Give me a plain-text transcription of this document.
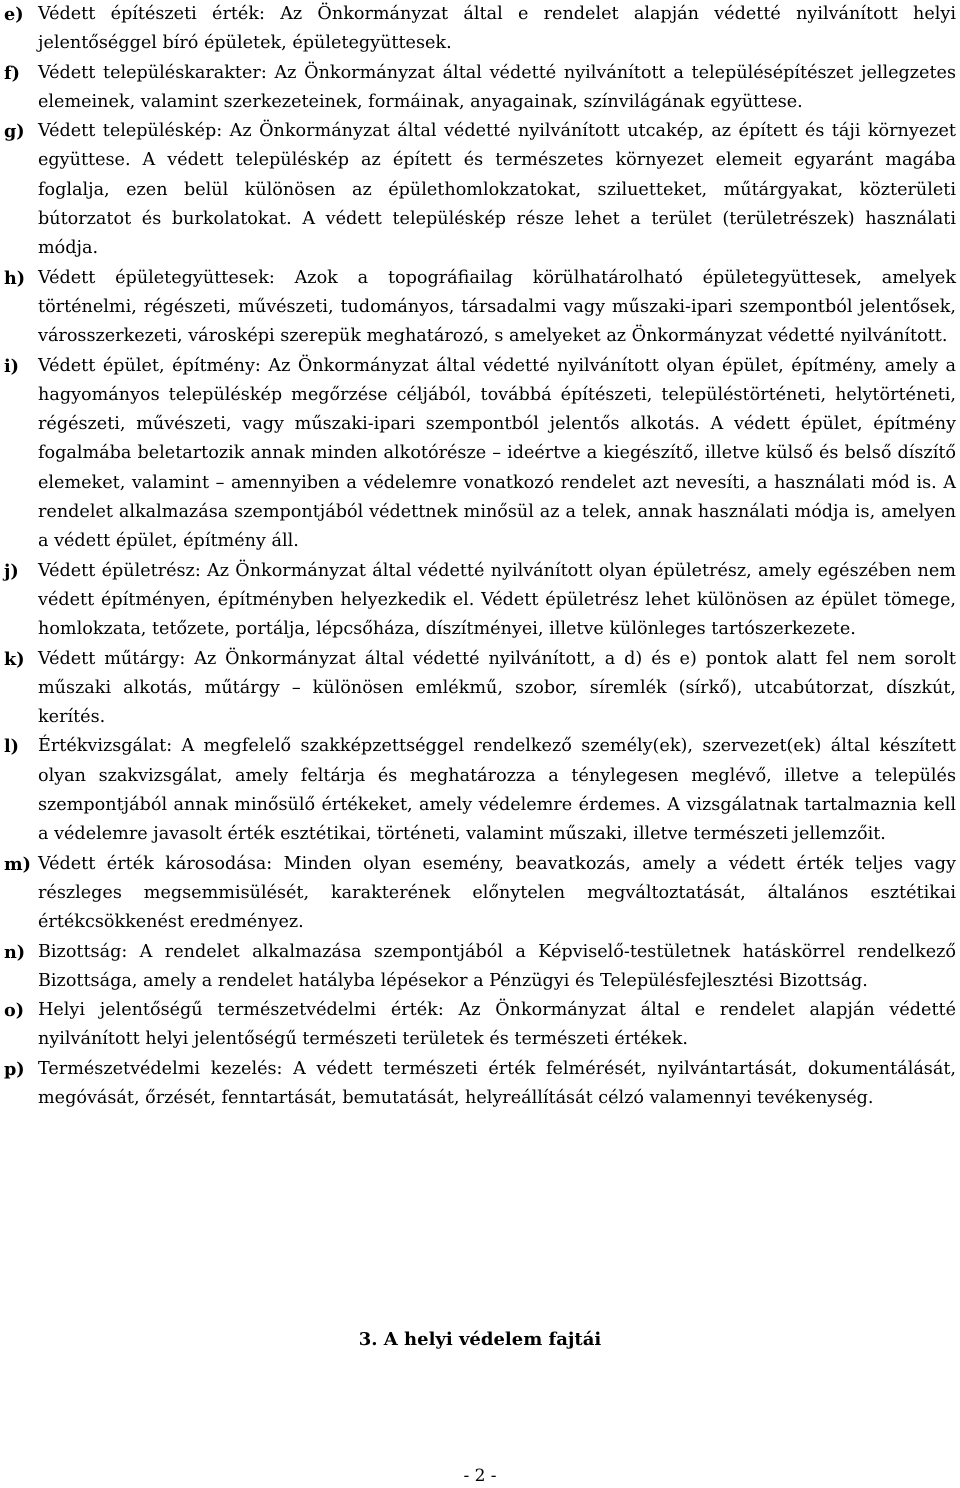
e) Védett építészeti érték: Az Önkormányzat által e rendelet alapján védetté nyilvánított helyi jelentőséggel bíró épületek, épületegyüttesek.
f) Védett településkarakter: Az Önkormányzat által védetté nyilvánított a településépítészet jellegzetes elemeinek, valamint szerkezeteinek, formáinak, anyagainak, színvilágának együttese.
g) Védett településkép: Az Önkormányzat által védetté nyilvánított utcakép, az épített és táji környezet együttese. A védett településkép az épített és természetes környezet elemeit egyaránt magába foglalja, ezen belül különösen az épülethomlokzatokat, sziluetteket, műtárgyakat, közterületi bútorzatot és burkolatokat. A védett településkép része lehet a terület (területrészek) használati módja.
h) Védett épületegyüttesek: Azok a topográfiailag körülhatárolható épületegyüttesek, amelyek történelmi, régészeti, művészeti, tudományos, társadalmi vagy műszaki-ipari szempontból jelentősek, városszerkezeti, városképi szerepük meghatározó, s amelyeket az Önkormányzat védetté nyilvánított.
i) Védett épület, építmény: Az Önkormányzat által védetté nyilvánított olyan épület, építmény, amely a hagyományos településkép megőrzése céljából, továbbá építészeti, településtörténeti, helytörténeti, régészeti, művészeti, vagy műszaki-ipari szempontból jelentős alkotás. A védett épület, építmény fogalmába beletartozik annak minden alkotórésze – ideértve a kiegészítő, illetve külső és belső díszítő elemeket, valamint – amennyiben a védelemre vonatkozó rendelet azt nevesíti, a használati mód is. A rendelet alkalmazása szempontjából védettnek minősül az a telek, annak használati módja is, amelyen a védett épület, építmény áll.
j) Védett épületrész: Az Önkormányzat által védetté nyilvánított olyan épületrész, amely egészében nem védett építményen, építményben helyezkedik el. Védett épületrész lehet különösen az épület tömege, homlokzata, tetőzete, portálja, lépcsőháza, díszítményei, illetve különleges tartószerkezete.
k) Védett műtárgy: Az Önkormányzat által védetté nyilvánított, a d) és e) pontok alatt fel nem sorolt műszaki alkotás, műtárgy – különösen emlékmű, szobor, síremlék (sírkő), utcabútorzat, díszkút, kerítés.
l) Értékvizsgálat: A megfelelő szakképzettséggel rendelkező személy(ek), szervezet(ek) által készített olyan szakvizsgálat, amely feltárja és meghatározza a ténylegesen meglévő, illetve a település szempontjából annak minősülő értékeket, amely védelemre érdemes. A vizsgálatnak tartalmaznia kell a védelemre javasolt érték esztétikai, történeti, valamint műszaki, illetve természeti jellemzőit.
m) Védett érték károsodása: Minden olyan esemény, beavatkozás, amely a védett érték teljes vagy részleges megsemmisülését, karakterének előnytelen megváltoztatását, általános esztétikai értékcsökkenést eredményez.
n) Bizottság: A rendelet alkalmazása szempontjából a Képviselő-testületnek hatáskörrel rendelkező Bizottsága, amely a rendelet hatályba lépésekor a Pénzügyi és Településfejlesztési Bizottság.
o) Helyi jelentőségű természetvédelmi érték: Az Önkormányzat által e rendelet alapján védetté nyilvánított helyi jelentőségű természeti területek és természeti értékek.
p) Természetvédelmi kezelés: A védett természeti érték felmérését, nyilvántartását, dokumentálását, megóvását, őrzését, fenntartását, bemutatását, helyreállítását célzó valamennyi tevékenység.
3. A helyi védelem fajtái
- 2 -
